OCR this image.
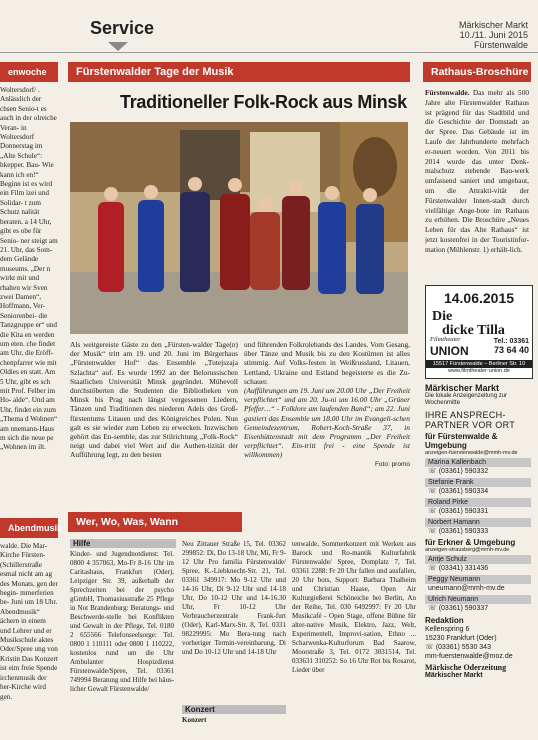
Service	Märkischer Markt
10./11. Juni 2015
Fürstenwalde
enwoche
Woltersdorf/ . Anlässlich der chsen Senio-t es auch in der olreiche Veran- in Woltersdorf Donnerstag im „Alte Schule“: hkepper. Bau- Wie kann ich en!“ Beginn ist es wird ein Film izei und Solidar- t zum Schutz nalität beraten. a 14 Uhr, gibt es obe für Senio- ner steigt am 21. Uhr, das Som- dem Gelände museums. „Der n wirkt mit und rhalten wir Sven zwei Damen“, Hoffmann, Ver- Seniorenbei- die Tanzgruppe er“ und die Kita en werden um eten. che findet am Uhr, die Eröff- chenpfarrer wie mit Oldies en statt. Am 5 Uhr, gibt es sch mit Prof. Felber im Ho- alde“. Und am Uhr, findet ein zum „Thema d Wohnen“ am nnemann-Haus m sich die neue pe „Wohnen im ilt.
Abendmusik
walde. Die Mar- Kirche Fürsten- (Schillerstraße esmal nicht am ag des Monats, gen der begin- mmerferien be- Juni um 18 Uhr. Abendmusik“ ächern in einem und Lehrer und er Musikschule aktes Oder/Spree ung von Kristin Das Konzert ist eim freie Spende irchenmusik der her-Kirche wird gen.
Fürstenwalder Tage der Musik
Traditioneller Folk-Rock aus Minsk
Als weitgereiste Gäste zu den „Fürsten-walder Tage(n) der Musik“ tritt am 19. und 20. Juni im Bürgerhaus „Fürstenwalder Hof“ das Ensemble „Tutejszaja Szlachta“ auf. Es wurde 1992 an der Belorussischen Staatlichen Universität Minsk gegründet. Mühevoll durchstöberten die Studenten die Bibliotheken von Minsk bis Prag nach längst vergessenen Liedern, Tänzen und Traditionen des niederen Adels des Groß-fürstentums Litauen und des Königreiches Polen. Nun galt es sie wieder zum Leben zu erwecken. Inzwischen gehört das En-semble, das zur Stilrichtung „Folk-Rock“ neigt und dabei viel Wert auf die Authen-tizität der Aufführung legt, zu den besten
und führenden Folkrolebands des Landes. Vom Gesang, über Tänze und Musik bis zu den Kostümen ist alles stimmig. Auf Volks-festen in Weißrussland, Litauen, Lettland, Ukraine und Estland begeisterte es die Zu-schauer.
(Aufführungen am 19. Juni um 20.00 Uhr „Der Freiheit verpflichtet“ und am 20. Ju-ni um 16.00 Uhr „Grüner Pfeffer…“ - Folklore am laufenden Band“; am 22. Juni gastiert das Ensemble um 18.00 Uhr im Evangeli-schen Gemeindezentrum, Robert-Koch-Straße 37, in Eisenhüttenstadt mit dem Programm „Der Freiheit verpflichtet“. Ein-tritt frei - eine Spende ist willkommen)
Foto: promo
Rathaus-Broschüre
Fürstenwalde. Das mehr als 500 Jahre alte Fürstenwalder Rathaus ist prägend für das Stadtbild und die Geschichte der Domstadt an der Spree. Das Gebäude ist im Laufe der Jahrhunderte mehrfach er-neuert worden. Von 2011 bis 2014 wurde das unter Denk-malschutz stehende Bau-werk umfassend saniert und umgebaut, um die Attrakti-vität der Fürstenwalder Innen-stadt durch vielfältige Ange-bote im Rathaus zu erhöhen. Die Broschüre „Neues Leben für das Alte Rathaus“ ist jetzt kostenfrei in der Touristinfor-mation (Mühlenstr. 1) erhält-lich.
14.06.2015
Die
dicke Tilla
Filmtheater
UNION
Tel.: 03361
73 64 40
15517 Fürstenwalde – Berliner Str. 10
www.filmtheater-union.de
Wer, Wo, Was, Wann
Hilfe
Kinder- und Jugendnotdienst: Tel. 0800 4 357063, Mo-Fr 8-16 Uhr im Caritashaus, Frankfurt (Oder), Leipziger Str. 39, außerhalb der Sprechzeiten bei der psycho gGmbH, Thomasiusstraße 25 Pflege in Not Brandenburg: Beratungs- und Beschwerde-stelle bei Konflikten und Gewalt in der Pflege, Tel. 0180 2 655566 Telefonseelsorge: Tel. 0800 1 110111 oder 0800 1 110222, kostenlos rund um die Uhr Ambulanter Hospizdienst Fürstenwalde/Spree, Tel. 03361 749994 Beratung und Hilfe bei häus-licher Gewalt Fürstenwalde/
Neu Zittauer Straße 15, Tel. 03362 299852: Di, Do 13-18 Uhr, Mi, Fr 9-12 Uhr Pro familia Fürstenwalde/ Spree, K.-Liebknecht-Str. 21, Tel. 03361 349917: Mo 9-12 Uhr und 14-16 Uhr, Di 9-12 Uhr und 14-18 Uhr, Do 10-12 Uhr und 14-16.30 Uhr, Fr 10-12 Uhr Verbraucherzentrale Frank-furt (Oder), Karl-Marx-Str. 8, Tel. 0331 98229995: Mo Bera-tung nach vorheriger Termin-vereinbarung, Di und Do 10-12 Uhr und 14-18 Uhr
Konzert
Konzert
tenwalde, Sommerkonzert mit Werken aus Barock und Ro-mantik Kulturfabrik Fürstenwalde/ Spree, Domplatz 7, Tel. 03361 2288: Fr 20 Uhr fallen und ausfallen, 20 Uhr bots, Support: Barbara Thalheim und Christian Haase, Open Air Kulturgießerei Schöneiche bei Berlin, An der Reihe, Tel. 030 6492997: Fr 20 Uhr Musikcafé - Open Stage, offene Bühne für alter-native Musik, Elektro, Jazz, Welt, Experimentell, Improvi-sation, Ethno ... Scharwenka-Kulturforum Bad Saarow, Moorstraße 3, Tel. 0172 3031514, Tel. 033631 310252: So 16 Uhr Rot bis Rosarot, Lieder über
Märkischer Markt
Die lokale Anzeigenzeitung zur Wochenmitte
IHRE ANSPRECH-
PARTNER VOR ORT
für Fürstenwalde & Umgebung
anzeigen-fuerstenwalde@mmh-mv.de
Marina Kallenbach
☏ (03361) 590332
Stefanie Frank
☏ (03361) 590334
Roland Pirke
☏ (03361) 590331
Norbert Hamann
☏ (03361) 590333
für Erkner & Umgebung
anzeigen-strausberg@mmh-mv.de
Antje Schulz
☏ (03341) 331436
Peggy Neumann
uneumann@mmh-mv.de
Ulrich Neumann
☏ (03361) 590337
Redaktion
Kellenspring 6
15230 Frankfurt (Oder)
☏ (03361) 5530 343
mm-fuerstenwalde@moz.de
Märkische Oderzeitung
Märkischer Markt
